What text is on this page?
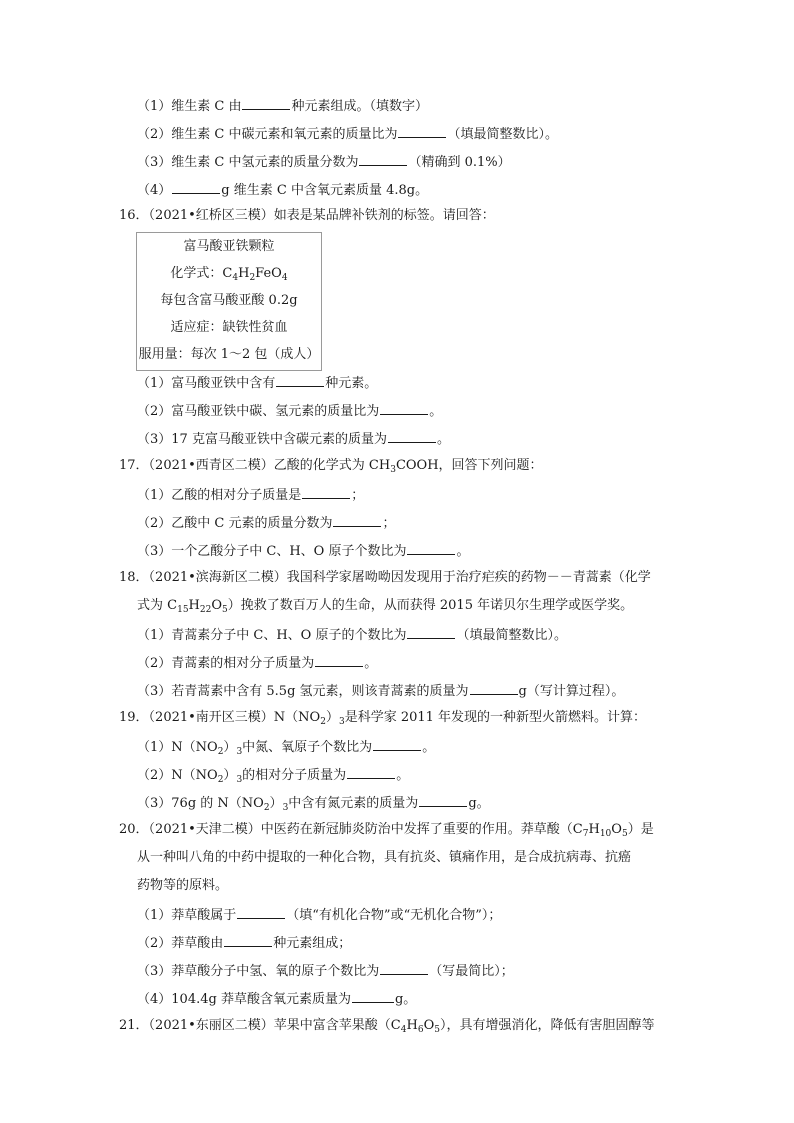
（1）维生素 C 由	种元素组成。（填数字）
（2）维生素 C 中碳元素和氧元素的质量比为	（填最简整数比）。
（3）维生素 C 中氢元素的质量分数为	（精确到 0.1%）
（4）	g 维生素 C 中含氧元素质量 4.8g。
16．（2021•红桥区三模）如表是某品牌补铁剂的标签。请回答：
富马酸亚铁颗粒
化学式：$C_4H_2FeO_4$
每包含富马酸亚酸 0.2g
适应症：缺铁性贫血
服用量：每次 1～2 包（成人）
（1）富马酸亚铁中含有	种元素。
（2）富马酸亚铁中碳、氢元素的质量比为	。
（3）17 克富马酸亚铁中含碳元素的质量为	。
17．（2021•西青区二模）乙酸的化学式为 $CH_3COOH$，回答下列问题：
（1）乙酸的相对分子质量是	；
（2）乙酸中 C 元素的质量分数为	；
（3）一个乙酸分子中 C、H、O 原子个数比为	。
18．（2021•滨海新区二模）我国科学家屠呦呦因发现用于治疗疟疾的药物－－青蒿素（化学
式为 $C_{15}H_{22}O_5$）挽救了数百万人的生命，从而获得 2015 年诺贝尔生理学或医学奖。
（1）青蒿素分子中 C、H、O 原子的个数比为	（填最简整数比）。
（2）青蒿素的相对分子质量为	。
（3）若青蒿素中含有 5.5g 氢元素，则该青蒿素的质量为	g（写计算过程）。
19．（2021•南开区三模）$N(NO_2)_3$是科学家 2011 年发现的一种新型火箭燃料。计算：
$(1)N(NO_2)_3$中氮、氧原子个数比为	。
$(2)N(NO_2)_3$的相对分子质量为	。
（3）76g 的 $N(NO_2)_3$中含有氮元素的质量为	g。
20．（2021•天津二模）中医药在新冠肺炎防治中发挥了重要的作用。莽草酸$(C_7H_{10}O_5)$是
从一种叫八角的中药中提取的一种化合物，具有抗炎、镇痛作用，是合成抗病毒、抗癌
药物等的原料。
（1）莽草酸属于	（填“有机化合物”或“无机化合物”）；
（2）莽草酸由	种元素组成；
（3）莽草酸分子中氢、氧的原子个数比为	（写最简比）；
（4）104.4g 莽草酸含氧元素质量为	g。
21．（2021•东丽区二模）苹果中富含苹果酸$(C_4H_6O_5)$，具有增强消化，降低有害胆固醇等
